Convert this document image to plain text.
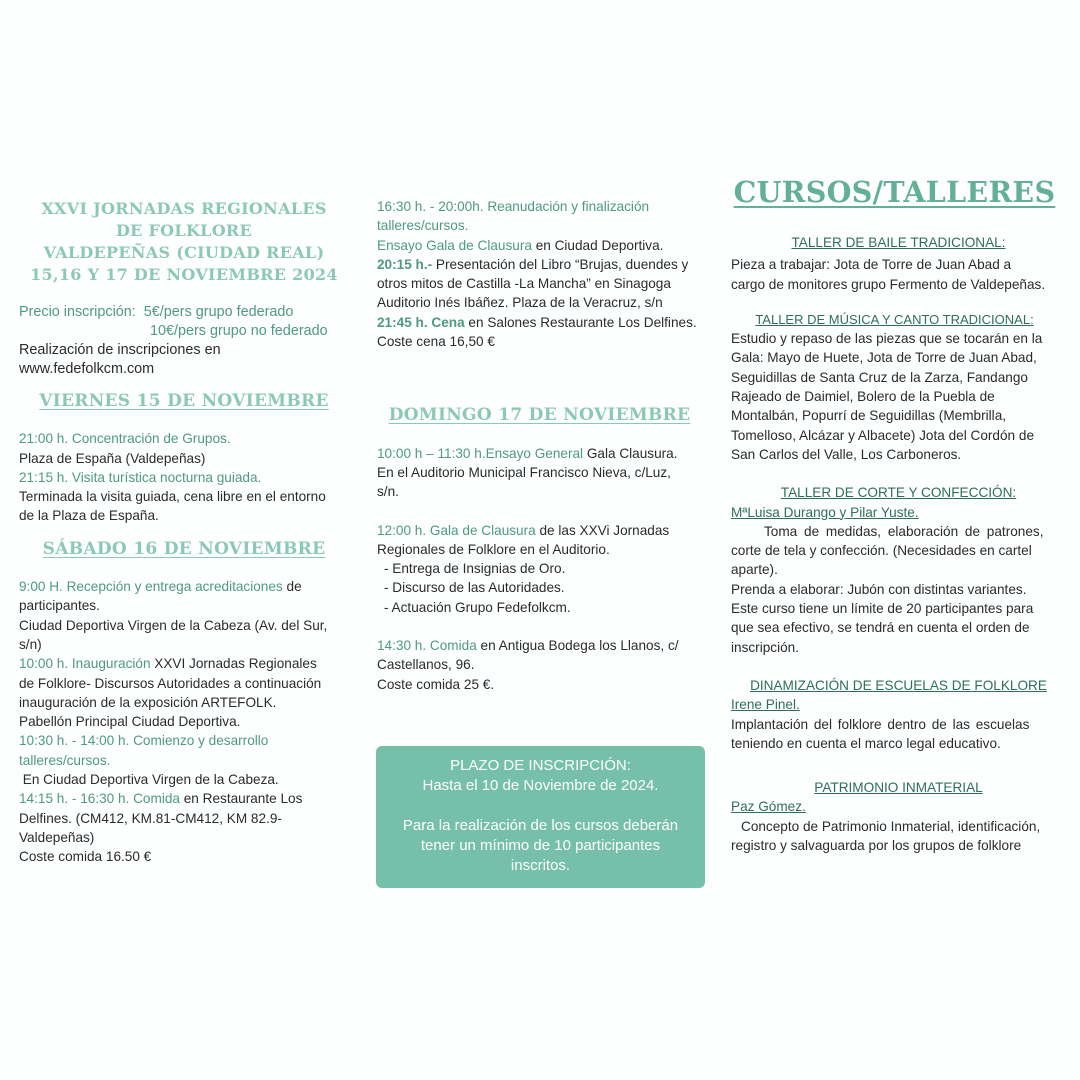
XXVI JORNADAS REGIONALES
DE FOLKLORE
VALDEPEÑAS (CIUDAD REAL)
15,16 Y 17 DE NOVIEMBRE 2024
Precio inscripción: 5€/pers grupo federado
10€/pers grupo no federado
Realización de inscripciones en www.fedefolkcm.com
VIERNES 15 DE NOVIEMBRE

21:00 h. Concentración de Grupos.

Plaza de España (Valdepeñas)

21:15 h. Visita turística nocturna guiada.

Terminada la visita guiada, cena libre en el entorno

de la Plaza de España.

SÁBADO 16 DE NOVIEMBRE

9:00 H. Recepción y entrega acreditaciones de

participantes.

Ciudad Deportiva Virgen de la Cabeza (Av. del Sur,

s/n)

10:00 h. Inauguración XXVI Jornadas Regionales

de Folklore- Discursos Autoridades a continuación

inauguración de la exposición ARTEFOLK.

Pabellón Principal Ciudad Deportiva.

10:30 h. - 14:00 h. Comienzo y desarrollo

talleres/cursos.

En Ciudad Deportiva Virgen de la Cabeza.

14:15 h. - 16:30 h. Comida en Restaurante Los

Delfines. (CM412, KM.81-CM412, KM 82.9-

Valdepeñas)

Coste comida 16.50 €

16:30 h. - 20:00h. Reanudación y finalización

talleres/cursos.

Ensayo Gala de Clausura en Ciudad Deportiva.

20:15 h.- Presentación del Libro “Brujas, duendes y

otros mitos de Castilla -La Mancha” en Sinagoga

Auditorio Inés Ibáñez. Plaza de la Veracruz, s/n

21:45 h. Cena en Salones Restaurante Los Delfines.

Coste cena 16,50 €

DOMINGO 17 DE NOVIEMBRE

10:00 h – 11:30 h.Ensayo General Gala Clausura.

En el Auditorio Municipal Francisco Nieva, c/Luz,

s/n.

12:00 h. Gala de Clausura de las XXVi Jornadas

Regionales de Folklore en el Auditorio.

- Entrega de Insignias de Oro.

- Discurso de las Autoridades.

- Actuación Grupo Fedefolkcm.

14:30 h. Comida en Antigua Bodega los Llanos, c/

Castellanos, 96.

Coste comida 25 €.

PLAZO DE INSCRIPCIÓN:
Hasta el 10 de Noviembre de 2024.
Para la realización de los cursos deberán
tener un mínimo de 10 participantes
inscritos.
CURSOS/TALLERES
TALLER DE BAILE TRADICIONAL:

Pieza a trabajar: Jota de Torre de Juan Abad a

cargo de monitores grupo Fermento de Valdepeñas.

TALLER DE MÚSICA Y CANTO TRADICIONAL:

Estudio y repaso de las piezas que se tocarán en la

Gala: Mayo de Huete, Jota de Torre de Juan Abad,

Seguidillas de Santa Cruz de la Zarza, Fandango

Rajeado de Daimiel, Bolero de la Puebla de

Montalbán, Popurrí de Seguidillas (Membrilla,

Tomelloso, Alcázar y Albacete) Jota del Cordón de

San Carlos del Valle, Los Carboneros.

TALLER DE CORTE Y CONFECCIÓN:

MªLuisa Durango y Pilar Yuste.

Toma de medidas, elaboración de patrones,

corte de tela y confección. (Necesidades en cartel

aparte).

Prenda a elaborar: Jubón con distintas variantes.

Este curso tiene un límite de 20 participantes para

que sea efectivo, se tendrá en cuenta el orden de

inscripción.

DINAMIZACIÓN DE ESCUELAS DE FOLKLORE

Irene Pinel.

Implantación del folklore dentro de las escuelas

teniendo en cuenta el marco legal educativo.

PATRIMONIO INMATERIAL

Paz Gómez.

Concepto de Patrimonio Inmaterial, identificación,

registro y salvaguarda por los grupos de folklore
